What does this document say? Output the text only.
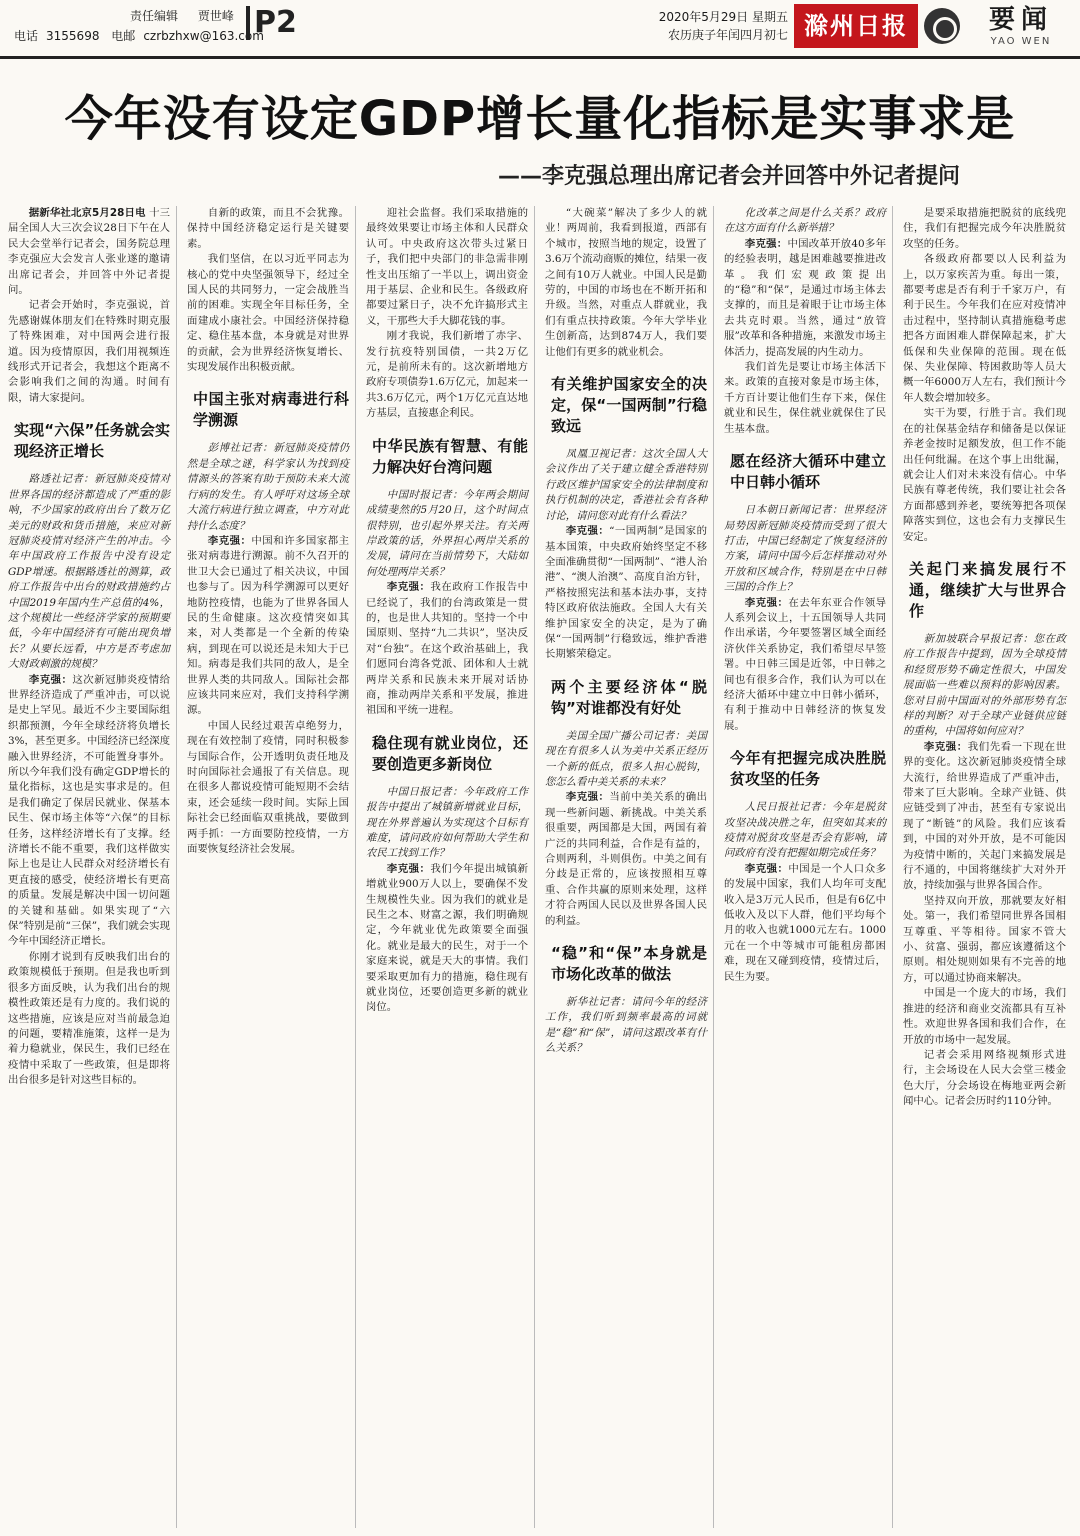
责任编辑 贾世峰
电话 3155698 电邮 czrbzhxw@163.com
P2	2020年5月29日 星期五
农历庚子年闰四月初七 滁州日报	要闻
YAO WEN
今年没有设定GDP增长量化指标是实事求是
——李克强总理出席记者会并回答中外记者提问

据新华社北京5月28日电 十三届全国人大三次会议28日下午在人民大会堂举行记者会，国务院总理李克强应大会发言人张业遂的邀请出席记者会，并回答中外记者提问。

记者会开始时，李克强说，首先感谢媒体朋友们在特殊时期克服了特殊困难，对中国两会进行报道。因为疫情原因，我们用视频连线形式开记者会，我想这个距离不会影响我们之间的沟通。时间有限，请大家提问。

实现“六保”任务就会实现经济正增长

路透社记者：新冠肺炎疫情对世界各国的经济都造成了严重的影响，不少国家的政府出台了数万亿美元的财政和货币措施，来应对新冠肺炎疫情对经济产生的冲击。今年中国政府工作报告中没有设定GDP增速。根据路透社的测算，政府工作报告中出台的财政措施约占中国2019年国内生产总值的4%，这个规模比一些经济学家的预期要低，今年中国经济有可能出现负增长？从要长远看，中方是否考虑加大财政刺激的规模？

李克强：这次新冠肺炎疫情给世界经济造成了严重冲击，可以说是史上罕见。最近不少主要国际组织都预测，今年全球经济将负增长3%，甚至更多。中国经济已经深度融入世界经济，不可能置身事外。所以今年我们没有确定GDP增长的量化指标，这也是实事求是的。但是我们确定了保居民就业、保基本民生、保市场主体等“六保”的目标任务，这样经济增长有了支撑。经济增长不能不重要，我们这样做实际上也是让人民群众对经济增长有更直接的感受，使经济增长有更高的质量。发展是解决中国一切问题的关键和基础。如果实现了“六保”特别是前“三保”，我们就会实现今年中国经济正增长。

你刚才说到有反映我们出台的政策规模低于预期。但是我也听到很多方面反映，认为我们出台的规模性政策还是有力度的。我们说的这些措施，应该是应对当前最急迫的问题，要精准施策，这样一是为着力稳就业，保民生，我们已经在疫情中采取了一些政策，但是即将出台很多是针对这些目标的。

自新的政策，而且不会犹豫。保持中国经济稳定运行是关键要素。

我们坚信，在以习近平同志为核心的党中央坚强领导下，经过全国人民的共同努力，一定会战胜当前的困难。实现全年目标任务，全面建成小康社会。中国经济保持稳定、稳住基本盘，本身就是对世界的贡献，会为世界经济恢复增长、实现发展作出积极贡献。

中国主张对病毒进行科学溯源

彭博社记者：新冠肺炎疫情仍然是全球之谜，科学家认为找到疫情源头的答案有助于预防未来大流行病的发生。有人呼吁对这场全球大流行病进行独立调查，中方对此持什么态度？

李克强：中国和许多国家都主张对病毒进行溯源。前不久召开的世卫大会已通过了相关决议，中国也参与了。因为科学溯源可以更好地防控疫情，也能为了世界各国人民的生命健康。这次疫情突如其来，对人类都是一个全新的传染病，到现在可以说还是未知大于已知。病毒是我们共同的敌人，是全世界人类的共同敌人。国际社会都应该共同来应对，我们支持科学溯源。

中国人民经过艰苦卓绝努力，现在有效控制了疫情，同时积极参与国际合作，公开透明负责任地及时向国际社会通报了有关信息。现在很多人都说疫情可能短期不会结束，还会延续一段时间。实际上国际社会已经面临双重挑战，要做到两手抓：一方面要防控疫情，一方面要恢复经济社会发展。

迎社会监督。我们采取措施的最终效果要让市场主体和人民群众认可。中央政府这次带头过紧日子，我们把中央部门的非急需非刚性支出压缩了一半以上，调出资金用于基层、企业和民生。各级政府都要过紧日子，决不允许搞形式主义，干那些大手大脚花钱的事。

刚才我说，我们新增了赤字、发行抗疫特别国债，一共2万亿元，是前所未有的。这次新增地方政府专项债券1.6万亿元，加起来一共3.6万亿元，两个1万亿元直达地方基层，直接惠企利民。

中华民族有智慧、有能力解决好台湾问题

中国时报记者：今年两会期间成绩斐然的5月20日，这个时间点很特别，也引起外界关注。有关两岸政策的话，外界担心两岸关系的发展，请问在当前情势下，大陆如何处理两岸关系？

李克强：我在政府工作报告中已经说了，我们的台湾政策是一贯的，也是世人共知的。坚持一个中国原则、坚持“九二共识”，坚决反对“台独”。在这个政治基础上，我们愿同台湾各党派、团体和人士就两岸关系和民族未来开展对话协商，推动两岸关系和平发展，推进祖国和平统一进程。

稳住现有就业岗位，还要创造更多新岗位

中国日报记者：今年政府工作报告中提出了城镇新增就业目标，现在外界普遍认为实现这个目标有难度，请问政府如何帮助大学生和农民工找到工作？

李克强：我们今年提出城镇新增就业900万人以上，要确保不发生规模性失业。因为我们的就业是民生之本、财富之源，我们明确规定，今年就业优先政策要全面强化。就业是最大的民生，对于一个家庭来说，就是天大的事情。我们要采取更加有力的措施，稳住现有就业岗位，还要创造更多新的就业岗位。

“大碗菜”解决了多少人的就业！两周前，我看到报道，西部有个城市，按照当地的规定，设置了3.6万个流动商贩的摊位，结果一夜之间有10万人就业。中国人民是勤劳的，中国的市场也在不断开拓和升级。当然，对重点人群就业，我们有重点扶持政策。今年大学毕业生创新高，达到874万人，我们要让他们有更多的就业机会。

有关维护国家安全的决定，保“一国两制”行稳致远

凤凰卫视记者：这次全国人大会议作出了关于建立健全香港特别行政区维护国家安全的法律制度和执行机制的决定，香港社会有各种讨论，请问您对此有什么看法？

李克强：“一国两制”是国家的基本国策，中央政府始终坚定不移全面准确贯彻“一国两制”、“港人治港”、“澳人治澳”、高度自治方针，严格按照宪法和基本法办事，支持特区政府依法施政。全国人大有关维护国家安全的决定，是为了确保“一国两制”行稳致远，维护香港长期繁荣稳定。

两个主要经济体“脱钩”对谁都没有好处

美国全国广播公司记者：美国现在有很多人认为美中关系正经历一个新的低点，很多人担心脱钩，您怎么看中美关系的未来？

李克强：当前中美关系的确出现一些新问题、新挑战。中美关系很重要，两国都是大国，两国有着广泛的共同利益，合作是有益的，合则两利，斗则俱伤。中美之间有分歧是正常的，应该按照相互尊重、合作共赢的原则来处理，这样才符合两国人民以及世界各国人民的利益。

“稳”和“保”本身就是市场化改革的做法

新华社记者：请问今年的经济工作，我们听到频率最高的词就是“稳”和“保”，请问这跟改革有什么关系？

化改革之间是什么关系？政府在这方面有什么新举措？

李克强：中国改革开放40多年的经验表明，越是困难越要推进改革。我们宏观政策提出的“稳”和“保”，是通过市场主体去支撑的，而且是着眼于让市场主体去共克时艰。当然，通过“放管服”改革和各种措施，来激发市场主体活力，提高发展的内生动力。

我们首先是要让市场主体活下来。政策的直接对象是市场主体，千方百计要让他们生存下来，保住就业和民生，保住就业就保住了民生基本盘。

愿在经济大循环中建立中日韩小循环

日本朝日新闻记者：世界经济局势因新冠肺炎疫情而受到了很大打击，中国已经制定了恢复经济的方案，请问中国今后怎样推动对外开放和区域合作，特别是在中日韩三国的合作上？

李克强：在去年东亚合作领导人系列会议上，十五国领导人共同作出承诺，今年要签署区域全面经济伙伴关系协定，我们希望尽早签署。中日韩三国是近邻，中日韩之间也有很多合作，我们认为可以在经济大循环中建立中日韩小循环，有利于推动中日韩经济的恢复发展。

今年有把握完成决胜脱贫攻坚的任务

人民日报社记者：今年是脱贫攻坚决战决胜之年，但突如其来的疫情对脱贫攻坚是否会有影响，请问政府有没有把握如期完成任务？

李克强：中国是一个人口众多的发展中国家，我们人均年可支配收入是3万元人民币，但是有6亿中低收入及以下人群，他们平均每个月的收入也就1000元左右。1000元在一个中等城市可能租房都困难，现在又碰到疫情，疫情过后，民生为要。

是要采取措施把脱贫的底线兜住，我们有把握完成今年决胜脱贫攻坚的任务。

各级政府都要以人民利益为上，以万家疾苦为重。每出一策，都要考虑是否有利于千家万户，有利于民生。今年我们在应对疫情冲击过程中，坚持制认真措施稳考虑把各方面困难人群保障起来，扩大低保和失业保障的范围。现在低保、失业保障、特困救助等人员大概一年6000万人左右，我们预计今年人数会增加较多。

实干为要，行胜于言。我们现在的社保基金结存和储备是以保证养老金按时足额发放，但工作不能出任何纰漏。在这个事上出纰漏，就会让人们对未来没有信心。中华民族有尊老传统，我们要让社会各方面都感到养老，要统筹把各项保障落实到位，这也会有力支撑民生安定。

关起门来搞发展行不通，继续扩大与世界合作

新加坡联合早报记者：您在政府工作报告中提到，因为全球疫情和经贸形势不确定性很大，中国发展面临一些难以预料的影响因素。您对目前中国面对的外部形势有怎样的判断？对于全球产业链供应链的重构，中国将如何应对？

李克强：我们先看一下现在世界的变化。这次新冠肺炎疫情全球大流行，给世界造成了严重冲击，带来了巨大影响。全球产业链、供应链受到了冲击，甚至有专家说出现了“断链”的风险。我们应该看到，中国的对外开放，是不可能因为疫情中断的，关起门来搞发展是行不通的，中国将继续扩大对外开放，持续加强与世界各国合作。

坚持双向开放，那就要友好相处。第一，我们希望同世界各国相互尊重、平等相待。国家不管大小、贫富、强弱，都应该遵循这个原则。相处规则如果有不完善的地方，可以通过协商来解决。

中国是一个庞大的市场，我们推进的经济和商业交流都具有互补性。欢迎世界各国和我们合作，在开放的市场中一起发展。

记者会采用网络视频形式进行，主会场设在人民大会堂三楼金色大厅，分会场设在梅地亚两会新闻中心。记者会历时约110分钟。
